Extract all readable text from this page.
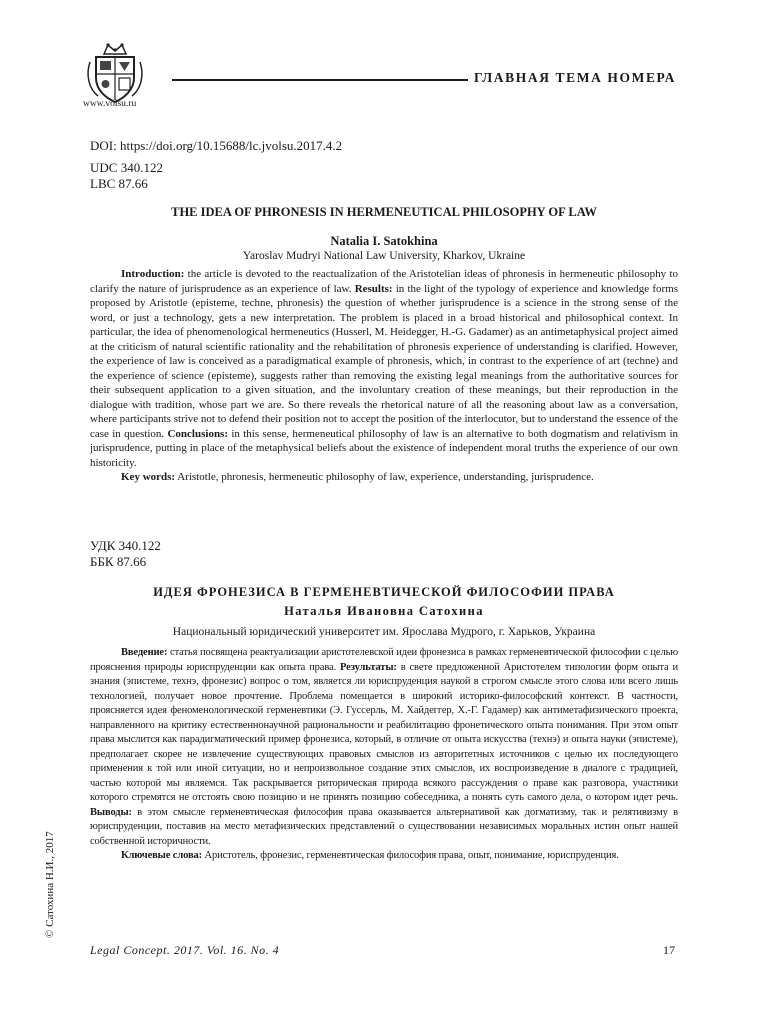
www.volsu.ru
ГЛАВНАЯ ТЕМА НОМЕРА
DOI: https://doi.org/10.15688/lc.jvolsu.2017.4.2
UDC 340.122
LBC 87.66
THE IDEA OF PHRONESIS IN HERMENEUTICAL PHILOSOPHY OF LAW
Natalia I. Satokhina
Yaroslav Mudryi National Law University, Kharkov, Ukraine

Introduction: the article is devoted to the reactualization of the Aristotelian ideas of phronesis in hermeneutic philosophy to clarify the nature of jurisprudence as an experience of law. Results: in the light of the typology of experience and knowledge forms proposed by Aristotle (episteme, techne, phronesis) the question of whether jurisprudence is a science in the strong sense of the word, or just a technology, gets a new interpretation. The problem is placed in a broad historical and philosophical context. In particular, the idea of phenomenological hermeneutics (Husserl, M. Heidegger, H.-G. Gadamer) as an antimetaphysical project aimed at the criticism of natural scientific rationality and the rehabilitation of phronesis experience of understanding is clarified. However, the experience of law is conceived as a paradigmatical example of phronesis, which, in contrast to the experience of art (techne) and the experience of science (episteme), suggests rather than removing the existing legal meanings from the authoritative sources for their subsequent application to a given situation, and the involuntary creation of these meanings, but their reproduction in the dialogue with tradition, whose part we are. So there reveals the rhetorical nature of all the reasoning about law as a conversation, where participants strive not to defend their position not to accept the position of the interlocutor, but to understand the essence of the case in question. Conclusions: in this sense, hermeneutical philosophy of law is an alternative to both dogmatism and relativism in jurisprudence, putting in place of the metaphysical beliefs about the existence of independent moral truths the experience of our own historicity.
Key words: Aristotle, phronesis, hermeneutic philosophy of law, experience, understanding, jurisprudence.

УДК 340.122
ББК 87.66
ИДЕЯ ФРОНЕЗИСА В ГЕРМЕНЕВТИЧЕСКОЙ ФИЛОСОФИИ ПРАВА
Наталья Ивановна Сатохина
Национальный юридический университет им. Ярослава Мудрого, г. Харьков, Украина

Введение: статья посвящена реактуализации аристотелевской идеи фронезиса в рамках герменевтической философии с целью прояснения природы юриспруденции как опыта права. Результаты: в свете предложенной Аристотелем типологии форм опыта и знания (эпистеме, технэ, фронезис) вопрос о том, является ли юриспруденция наукой в строгом смысле этого слова или всего лишь технологией, получает новое прочтение. Проблема помещается в широкий историко-философский контекст. В частности, проясняется идея феноменологической герменевтики (Э. Гуссерль, М. Хайдеггер, Х.-Г. Гадамер) как антиметафизического проекта, направленного на критику естественнонаучной рациональности и реабилитацию фронетического опыта понимания. При этом опыт права мыслится как парадигматический пример фронезиса, который, в отличие от опыта искусства (технэ) и опыта науки (эпистеме), предполагает скорее не извлечение существующих правовых смыслов из авторитетных источников с целью их последующего применения к той или иной ситуации, но и непроизвольное создание этих смыслов, их воспроизведение в диалоге с традицией, частью которой мы являемся. Так раскрывается риторическая природа всякого рассуждения о праве как разговора, участники которого стремятся не отстоять свою позицию и не принять позицию собеседника, а понять суть самого дела, о котором идет речь. Выводы: в этом смысле герменевтическая философия права оказывается альтернативой как догматизму, так и релятивизму в юриспруденции, поставив на место метафизических представлений о существовании независимых моральных истин опыт нашей собственной историчности.
Ключевые слова: Аристотель, фронезис, герменевтическая философия права, опыт, понимание, юриспруденция.

© Сатохина Н.И., 2017
Legal Concept. 2017. Vol. 16. No. 4	17
